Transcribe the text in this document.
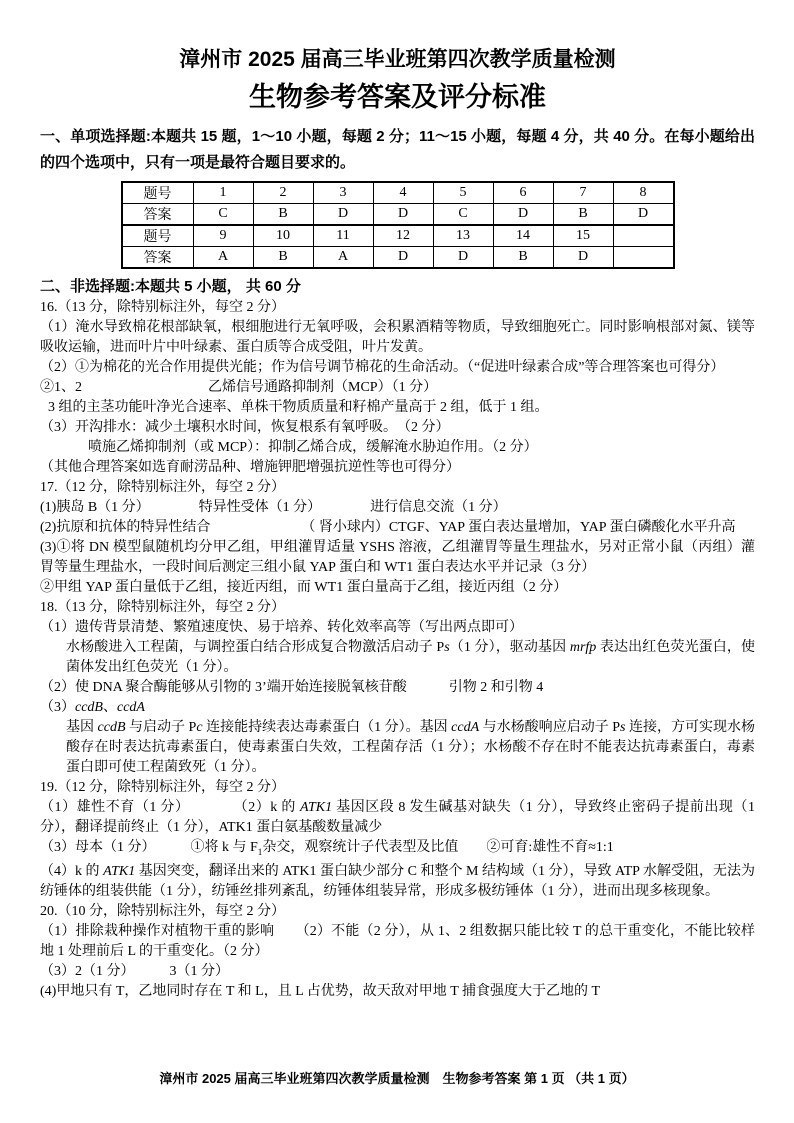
漳州市 2025 届高三毕业班第四次教学质量检测
生物参考答案及评分标准

一、单项选择题:本题共 15 题，1～10 小题，每题 2 分；11～15 小题，每题 4 分，共 40 分。在每小题给出的四个选项中，只有一项是最符合题目要求的。

题号	1	2	3	4	5	6	7	8
答案	C	B	D	D	C	D	B	D
题号	9	10	11	12	13	14	15	
答案	A	B	A	D	D	B	D	

二、非选择题:本题共 5 小题， 共 60 分

16.（13 分，除特别标注外，每空 2 分）

（1）淹水导致棉花根部缺氧，根细胞进行无氧呼吸，会积累酒精等物质，导致细胞死亡。同时影响根部对氮、镁等吸收运输，进而叶片中叶绿素、蛋白质等合成受阻，叶片发黄。

（2）①为棉花的光合作用提供光能；作为信号调节棉花的生命活动。（“促进叶绿素合成”等合理答案也可得分）

②1、2　　　　　　　　　乙烯信号通路抑制剂（MCP）（1 分）

3 组的主茎功能叶净光合速率、单株干物质质量和籽棉产量高于 2 组，低于 1 组。

（3）开沟排水：减少土壤积水时间，恢复根系有氧呼吸。　（2 分）

喷施乙烯抑制剂（或 MCP）：抑制乙烯合成，缓解淹水胁迫作用。（2 分）

（其他合理答案如选育耐涝品种、增施钾肥增强抗逆性等也可得分）

17.（12 分，除特别标注外，每空 2 分）

(1)胰岛 B（1 分）　　　　特异性受体（1 分）　　　　进行信息交流（1 分）

(2)抗原和抗体的特异性结合　　　　　　　（ 肾小球内）CTGF、YAP 蛋白表达量增加，YAP 蛋白磷酸化水平升高

(3)①将 DN 模型鼠随机均分甲乙组，甲组灌胃适量 YSHS 溶液，乙组灌胃等量生理盐水，另对正常小鼠（丙组）灌胃等量生理盐水，一段时间后测定三组小鼠 YAP 蛋白和 WT1 蛋白表达水平并记录（3 分）

②甲组 YAP 蛋白量低于乙组，接近丙组，而 WT1 蛋白量高于乙组，接近丙组（2 分）

18.（13 分，除特别标注外，每空 2 分）

（1）遗传背景清楚、繁殖速度快、易于培养、转化效率高等（写出两点即可）

水杨酸进入工程菌，与调控蛋白结合形成复合物激活启动子 Ps（1 分），驱动基因 mrfp 表达出红色荧光蛋白，使菌体发出红色荧光（1 分）。

（2）使 DNA 聚合酶能够从引物的 3’端开始连接脱氧核苷酸　　　引物 2 和引物 4

（3）ccdB、ccdA

基因 ccdB 与启动子 Pc 连接能持续表达毒素蛋白（1 分）。基因 ccdA 与水杨酸响应启动子 Ps 连接，方可实现水杨酸存在时表达抗毒素蛋白，使毒素蛋白失效，工程菌存活（1 分）；水杨酸不存在时不能表达抗毒素蛋白，毒素蛋白即可使工程菌致死（1 分）。

19.（12 分，除特别标注外，每空 2 分）

（1）雄性不育（1 分）　　　　（2）k 的 ATK1 基因区段 8 发生碱基对缺失（1 分），导致终止密码子提前出现（1 分），翻译提前终止（1 分），ATK1 蛋白氨基酸数量减少

（3）母本（1 分）　　　①将 k 与 $F_1$杂交，观察统计子代表型及比值　　②可育:雄性不育≈1:1

（4）k 的 ATK1 基因突变，翻译出来的 ATK1 蛋白缺少部分 C 和整个 M 结构域（1 分），导致 ATP 水解受阻，无法为纺锤体的组装供能（1 分），纺锤丝排列紊乱，纺锤体组装异常，形成多极纺锤体（1 分），进而出现多核现象。

20.（10 分，除特别标注外，每空 2 分）

（1）排除栽种操作对植物干重的影响　　（2）不能（2 分），从 1、2 组数据只能比较 T 的总干重变化，不能比较样地 1 处理前后 L 的干重变化。（2 分）

（3）2（1 分）　　　3（1 分）

(4)甲地只有 T，乙地同时存在 T 和 L，且 L 占优势，故天敌对甲地 T 捕食强度大于乙地的 T

漳州市 2025 届高三毕业班第四次教学质量检测　生物参考答案 第 1 页 （共 1 页）
